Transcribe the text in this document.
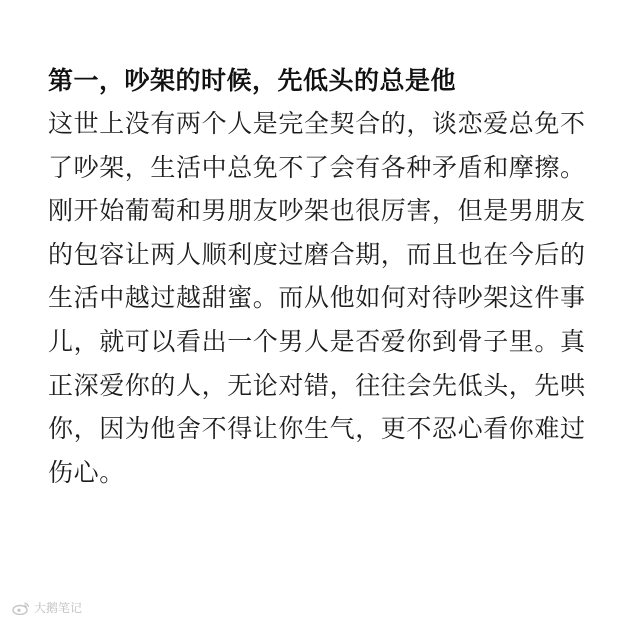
第一，吵架的时候，先低头的总是他
这世上没有两个人是完全契合的，谈恋爱总免不
了吵架，生活中总免不了会有各种矛盾和摩擦。
刚开始葡萄和男朋友吵架也很厉害，但是男朋友
的包容让两人顺利度过磨合期，而且也在今后的
生活中越过越甜蜜。而从他如何对待吵架这件事
儿，就可以看出一个男人是否爱你到骨子里。真
正深爱你的人，无论对错，往往会先低头，先哄
你，因为他舍不得让你生气，更不忍心看你难过
伤心。
大鹅笔记
